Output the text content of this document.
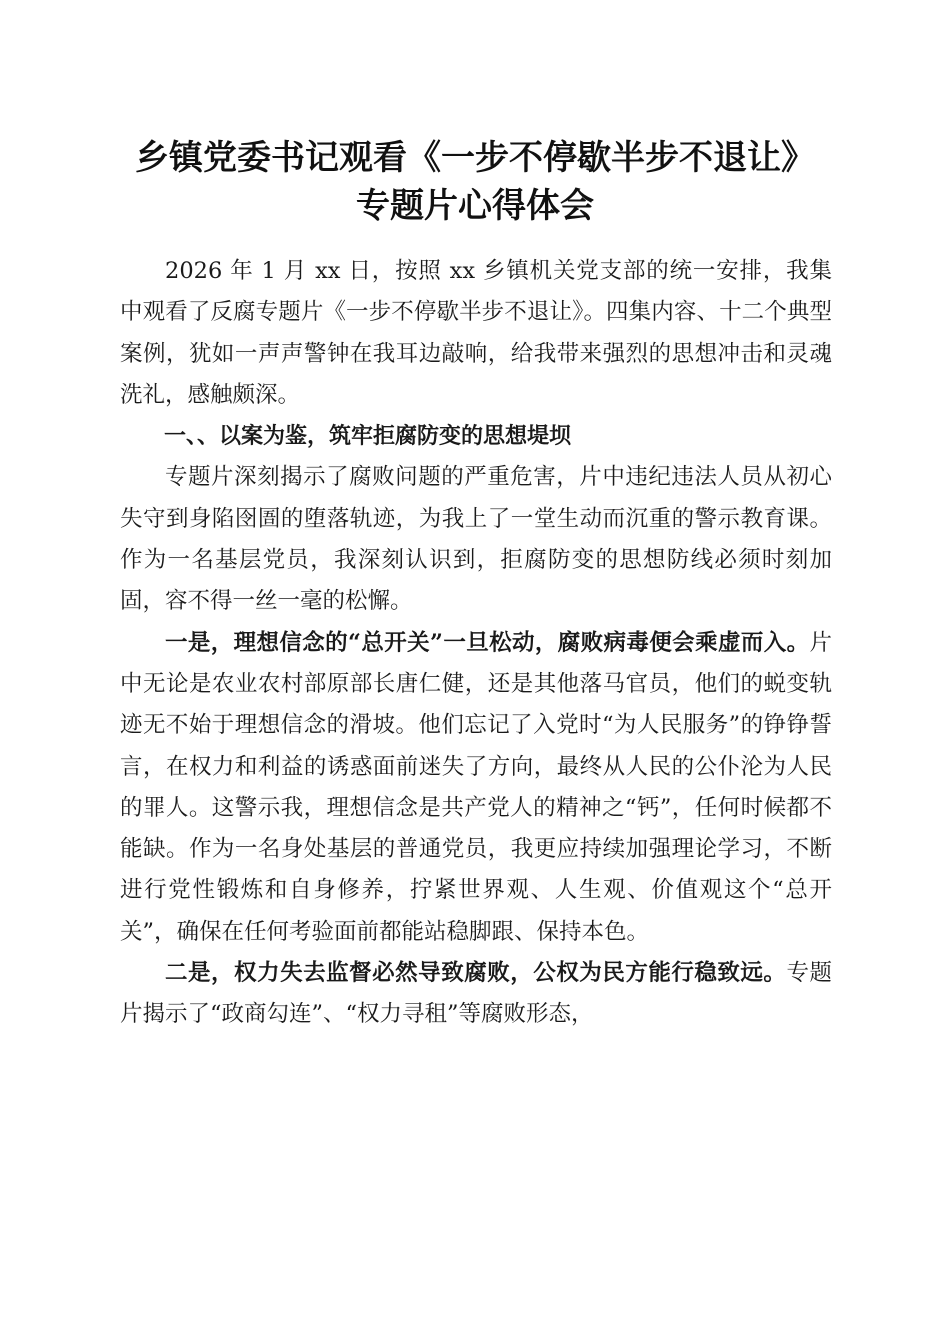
乡镇党委书记观看《一步不停歇半步不退让》
专题片心得体会

2026 年 1 月 xx 日，按照 xx 乡镇机关党支部的统一安排，我集中观看了反腐专题片《一步不停歇半步不退让》。四集内容、十二个典型案例，犹如一声声警钟在我耳边敲响，给我带来强烈的思想冲击和灵魂洗礼，感触颇深。

一、、以案为鉴，筑牢拒腐防变的思想堤坝

专题片深刻揭示了腐败问题的严重危害，片中违纪违法人员从初心失守到身陷囹圄的堕落轨迹，为我上了一堂生动而沉重的警示教育课。作为一名基层党员，我深刻认识到，拒腐防变的思想防线必须时刻加固，容不得一丝一毫的松懈。

一是，理想信念的“总开关”一旦松动，腐败病毒便会乘虚而入。片中无论是农业农村部原部长唐仁健，还是其他落马官员，他们的蜕变轨迹无不始于理想信念的滑坡。他们忘记了入党时“为人民服务”的铮铮誓言，在权力和利益的诱惑面前迷失了方向，最终从人民的公仆沦为人民的罪人。这警示我，理想信念是共产党人的精神之“钙”，任何时候都不能缺。作为一名身处基层的普通党员，我更应持续加强理论学习，不断进行党性锻炼和自身修养，拧紧世界观、人生观、价值观这个“总开关”，确保在任何考验面前都能站稳脚跟、保持本色。

二是，权力失去监督必然导致腐败，公权为民方能行稳致远。专题片揭示了“政商勾连”、“权力寻租”等腐败形态，
